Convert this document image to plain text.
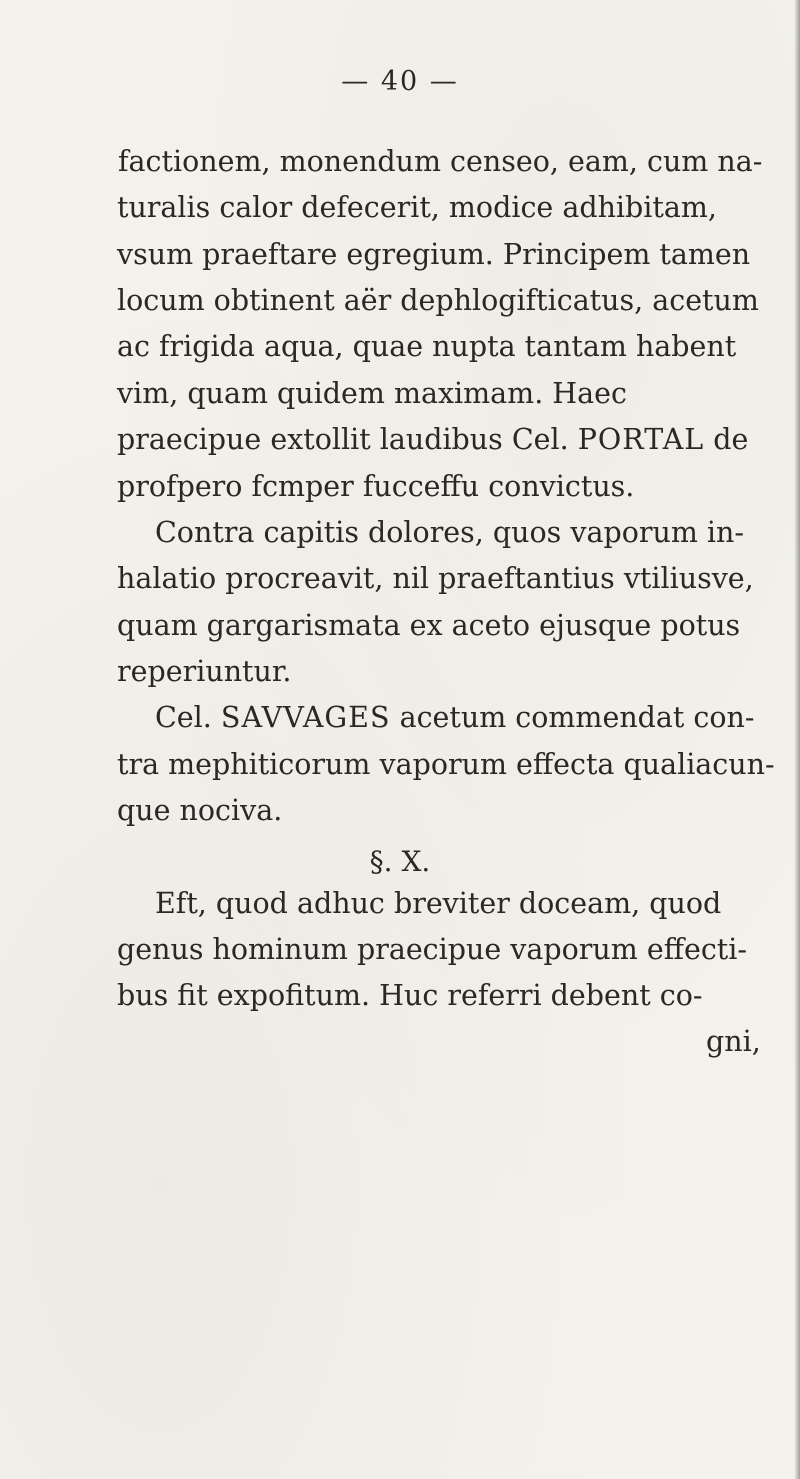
— 40 —
factionem, monendum censeo, eam, cum na-
turalis calor defecerit, modice adhibitam,
vsum praeftare egregium. Principem tamen
locum obtinent aër dephlogifticatus, acetum
ac frigida aqua, quae nupta tantam habent
vim, quam quidem maximam. Haec
praecipue extollit laudibus Cel. PORTAL de
profpero fcmper fucceffu convictus.
Contra capitis dolores, quos vaporum in-
halatio procreavit, nil praeftantius vtiliusve,
quam gargarismata ex aceto ejusque potus
reperiuntur.
Cel. SAVVAGES acetum commendat con-
tra mephiticorum vaporum effecta qualiacun-
que nociva.
§. X.
Eft, quod adhuc breviter doceam, quod
genus hominum praecipue vaporum effecti-
bus fit expofitum. Huc referri debent co-
gni,
